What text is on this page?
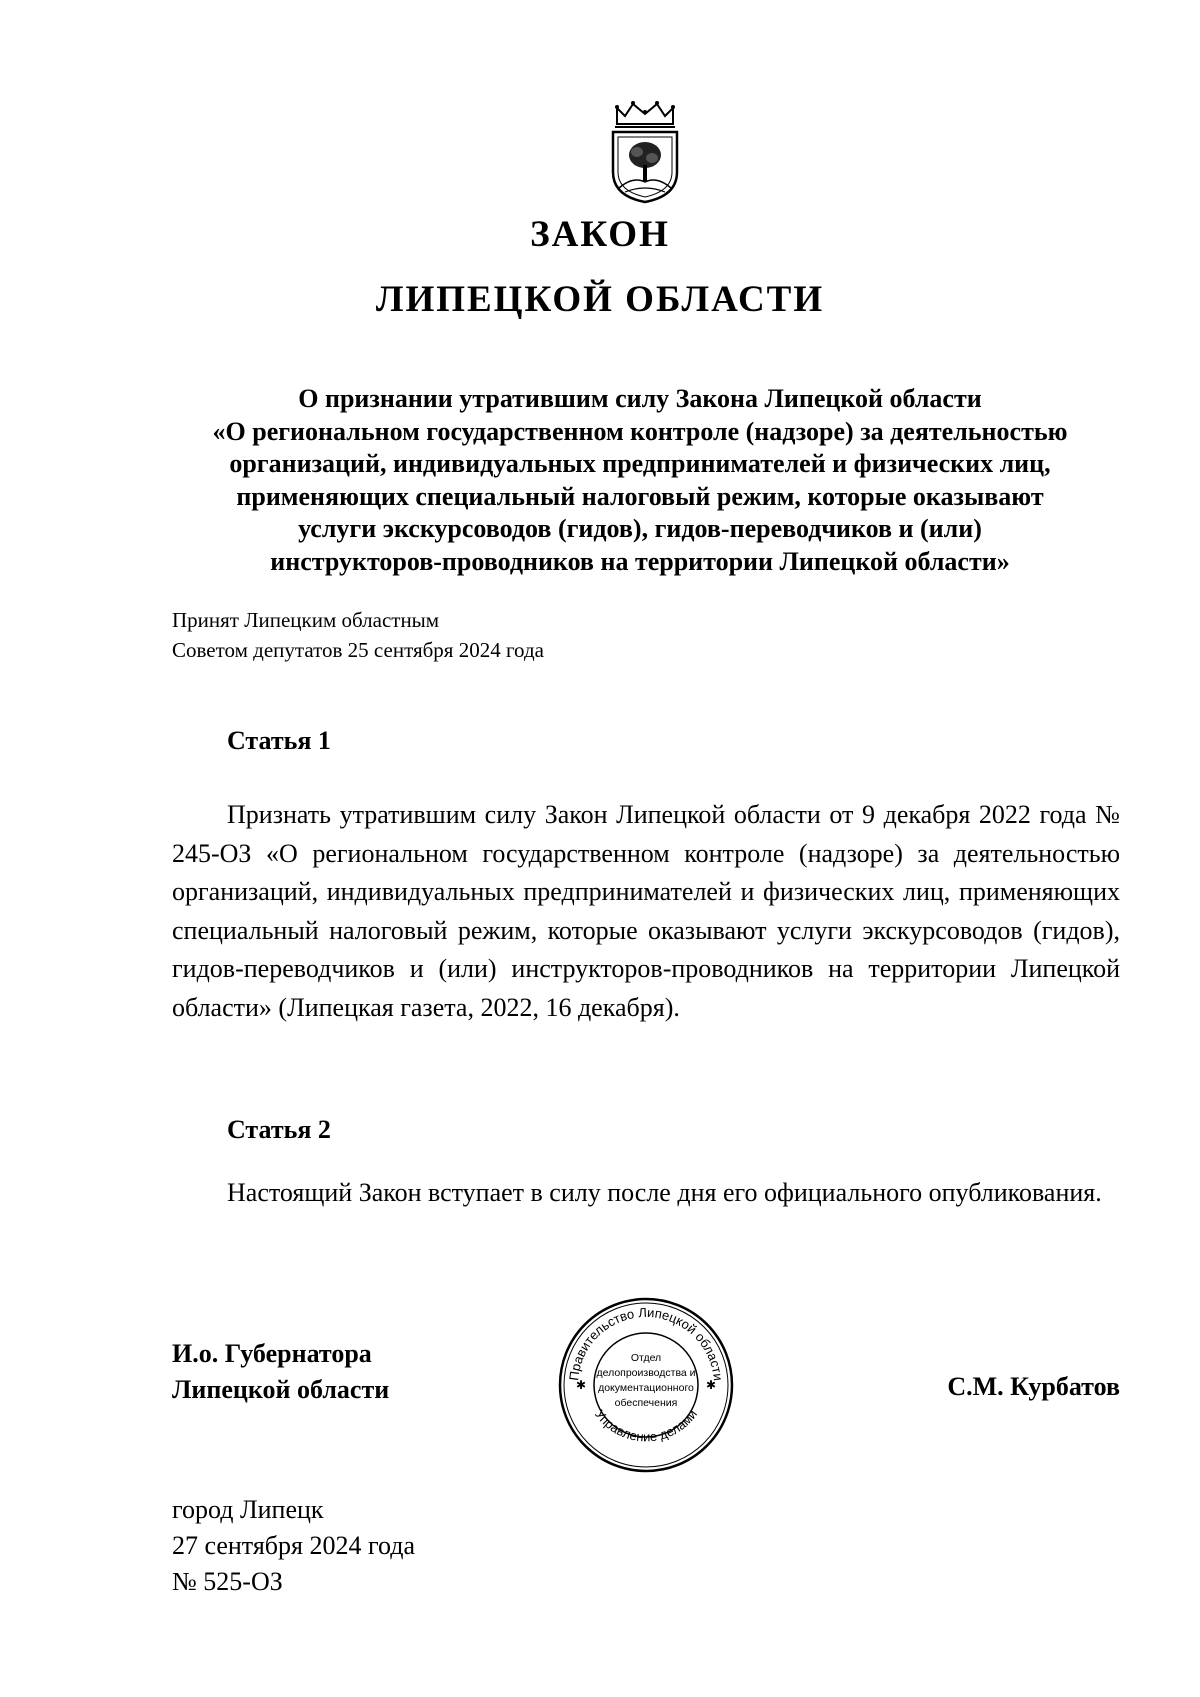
ЗАКОН
ЛИПЕЦКОЙ ОБЛАСТИ
О признании утратившим силу Закона Липецкой области
«О региональном государственном контроле (надзоре) за деятельностью
организаций, индивидуальных предпринимателей и физических лиц,
применяющих специальный налоговый режим, которые оказывают
услуги экскурсоводов (гидов), гидов-переводчиков и (или)
инструкторов-проводников на территории Липецкой области»
Принят Липецким областным
Советом депутатов 25 сентября 2024 года
Статья 1
Признать утратившим силу Закон Липецкой области от 9 декабря 2022 года № 245-ОЗ «О региональном государственном контроле (надзоре) за деятельностью организаций, индивидуальных предпринимателей и физических лиц, применяющих специальный налоговый режим, которые оказывают услуги экскурсоводов (гидов), гидов-переводчиков и (или) инструкторов-проводников на территории Липецкой области» (Липецкая газета, 2022, 16 декабря).
Статья 2
Настоящий Закон вступает в силу после дня его официального опубликования.
И.о. Губернатора
Липецкой области	Правительство Липецкой области
Управление делами
✱	✱
Отдел
делопроизводства и
документационного
обеспечения
С.М. Курбатов
город Липецк
27 сентября 2024 года
№ 525-ОЗ
